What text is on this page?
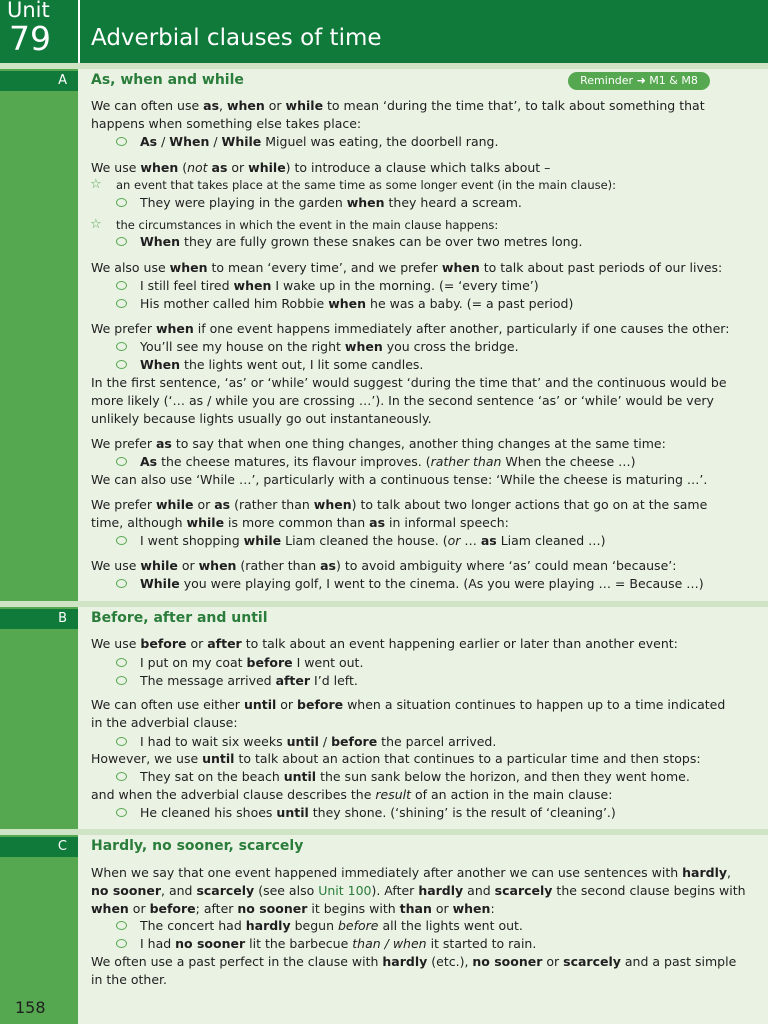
Unit
79 Adverbial clauses of time
A	As, when and while	Reminder ➜ M1 & M8
We can often use as, when or while to mean ‘during the time that’, to talk about something that
happens when something else takes place:
As / When / While Miguel was eating, the doorbell rang.
We use when (not as or while) to introduce a clause which talks about –
☆ an event that takes place at the same time as some longer event (in the main clause):
They were playing in the garden when they heard a scream.
☆ the circumstances in which the event in the main clause happens:
When they are fully grown these snakes can be over two metres long.
We also use when to mean ‘every time’, and we prefer when to talk about past periods of our lives:
I still feel tired when I wake up in the morning. (= ‘every time’)
His mother called him Robbie when he was a baby. (= a past period)
We prefer when if one event happens immediately after another, particularly if one causes the other:
You’ll see my house on the right when you cross the bridge.
When the lights went out, I lit some candles.
In the first sentence, ‘as’ or ‘while’ would suggest ‘during the time that’ and the continuous would be
more likely (‘… as / while you are crossing …’). In the second sentence ‘as’ or ‘while’ would be very
unlikely because lights usually go out instantaneously.
We prefer as to say that when one thing changes, another thing changes at the same time:
As the cheese matures, its flavour improves. (rather than When the cheese …)
We can also use ‘While …’, particularly with a continuous tense: ‘While the cheese is maturing …’.
We prefer while or as (rather than when) to talk about two longer actions that go on at the same
time, although while is more common than as in informal speech:
I went shopping while Liam cleaned the house. (or … as Liam cleaned …)
We use while or when (rather than as) to avoid ambiguity where ‘as’ could mean ‘because’:
While you were playing golf, I went to the cinema. (As you were playing … = Because …)
B	Before, after and until
We use before or after to talk about an event happening earlier or later than another event:
I put on my coat before I went out.
The message arrived after I’d left.
We can often use either until or before when a situation continues to happen up to a time indicated
in the adverbial clause:
I had to wait six weeks until / before the parcel arrived.
However, we use until to talk about an action that continues to a particular time and then stops:
They sat on the beach until the sun sank below the horizon, and then they went home.
and when the adverbial clause describes the result of an action in the main clause:
He cleaned his shoes until they shone. (‘shining’ is the result of ‘cleaning’.)
C	Hardly, no sooner, scarcely
When we say that one event happened immediately after another we can use sentences with hardly,
no sooner, and scarcely (see also Unit 100). After hardly and scarcely the second clause begins with
when or before; after no sooner it begins with than or when:
The concert had hardly begun before all the lights went out.
I had no sooner lit the barbecue than / when it started to rain.
We often use a past perfect in the clause with hardly (etc.), no sooner or scarcely and a past simple
in the other.
158
